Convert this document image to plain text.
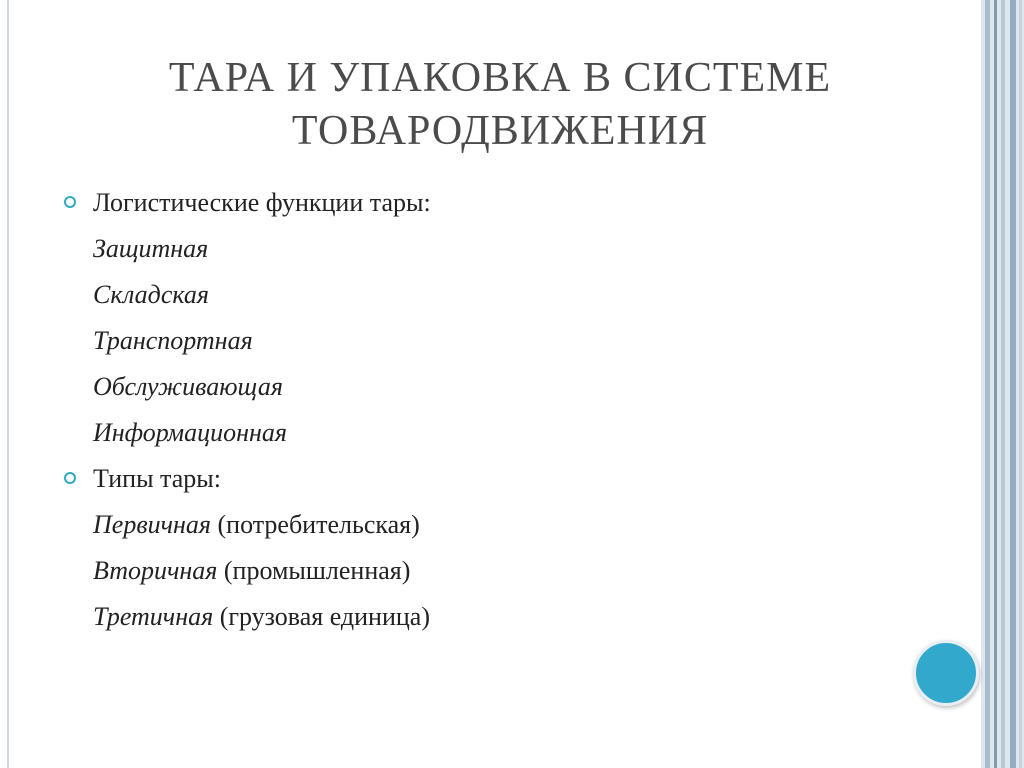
ТАРА И УПАКОВКА В СИСТЕМЕ
ТОВАРОДВИЖЕНИЯ
Логистические функции тары:
Защитная
Складская
Транспортная
Обслуживающая
Информационная
Типы тары:
Первичная (потребительская)
Вторичная (промышленная)
Третичная (грузовая единица)
